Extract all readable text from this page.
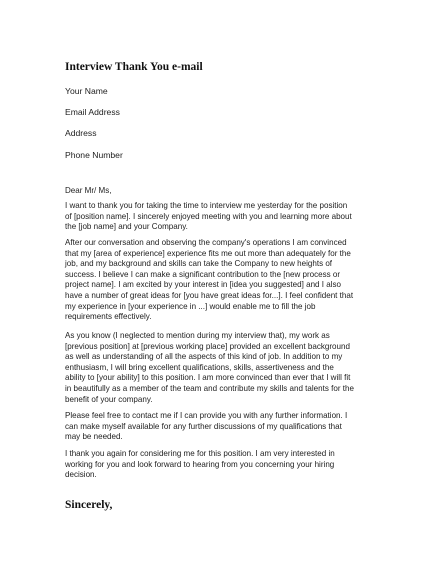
Interview Thank You e-mail
Your Name
Email Address
Address
Phone Number
Dear Mr/ Ms,
I want to thank you for taking the time to interview me yesterday for the position
of [position name]. I sincerely enjoyed meeting with you and learning more about
the [job name] and your Company.
After our conversation and observing the company's operations I am convinced
that my [area of experience] experience fits me out more than adequately for the
job, and my background and skills can take the Company to new heights of
success. I believe I can make a significant contribution to the [new process or
project name]. I am excited by your interest in [idea you suggested] and I also
have a number of great ideas for [you have great ideas for...]. I feel confident that
my experience in [your experience in ...] would enable me to fill the job
requirements effectively.
As you know (I neglected to mention during my interview that), my work as
[previous position] at [previous working place] provided an excellent background
as well as understanding of all the aspects of this kind of job. In addition to my
enthusiasm, I will bring excellent qualifications, skills, assertiveness and the
ability to [your ability] to this position. I am more convinced than ever that I will fit
in beautifully as a member of the team and contribute my skills and talents for the
benefit of your company.
Please feel free to contact me if I can provide you with any further information. I
can make myself available for any further discussions of my qualifications that
may be needed.
I thank you again for considering me for this position. I am very interested in
working for you and look forward to hearing from you concerning your hiring
decision.
Sincerely,
